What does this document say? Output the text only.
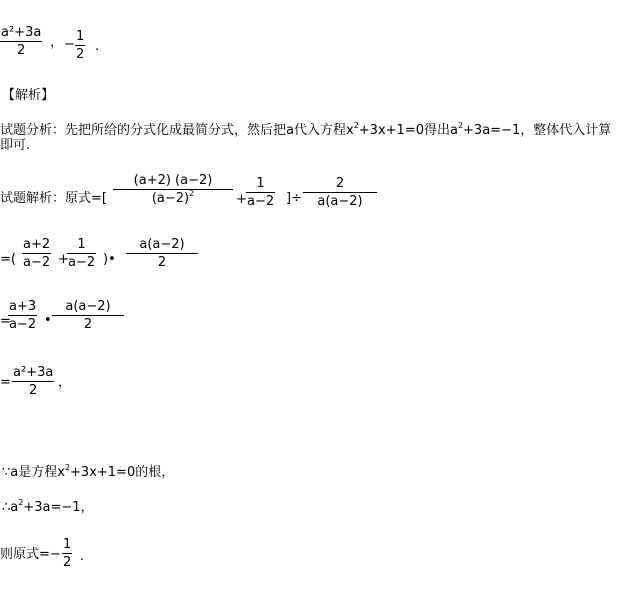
a²+3a
2
， −
1
2
.
【解析】
试题分析：先把所给的分式化成最简分式，然后把a代入方程$x^2+3x+1=0$得出$a^2+3a=-1$，整体代入计算
即可.
试题解析：原式=[
(a+2) (a−2)
$(a-2)^2$	+
1
a−2 ]÷
2
a(a−2)
=(
a+2
a−2 +
1
a−2 )•
a(a−2)
2
=
a+3
a−2 •
a(a−2)
2
=
a²+3a
2
，
∵a是方程$x^2+3x+1=0$的根，
$\therefore a^2+3a=-1$，
则原式=−
1
2 .
